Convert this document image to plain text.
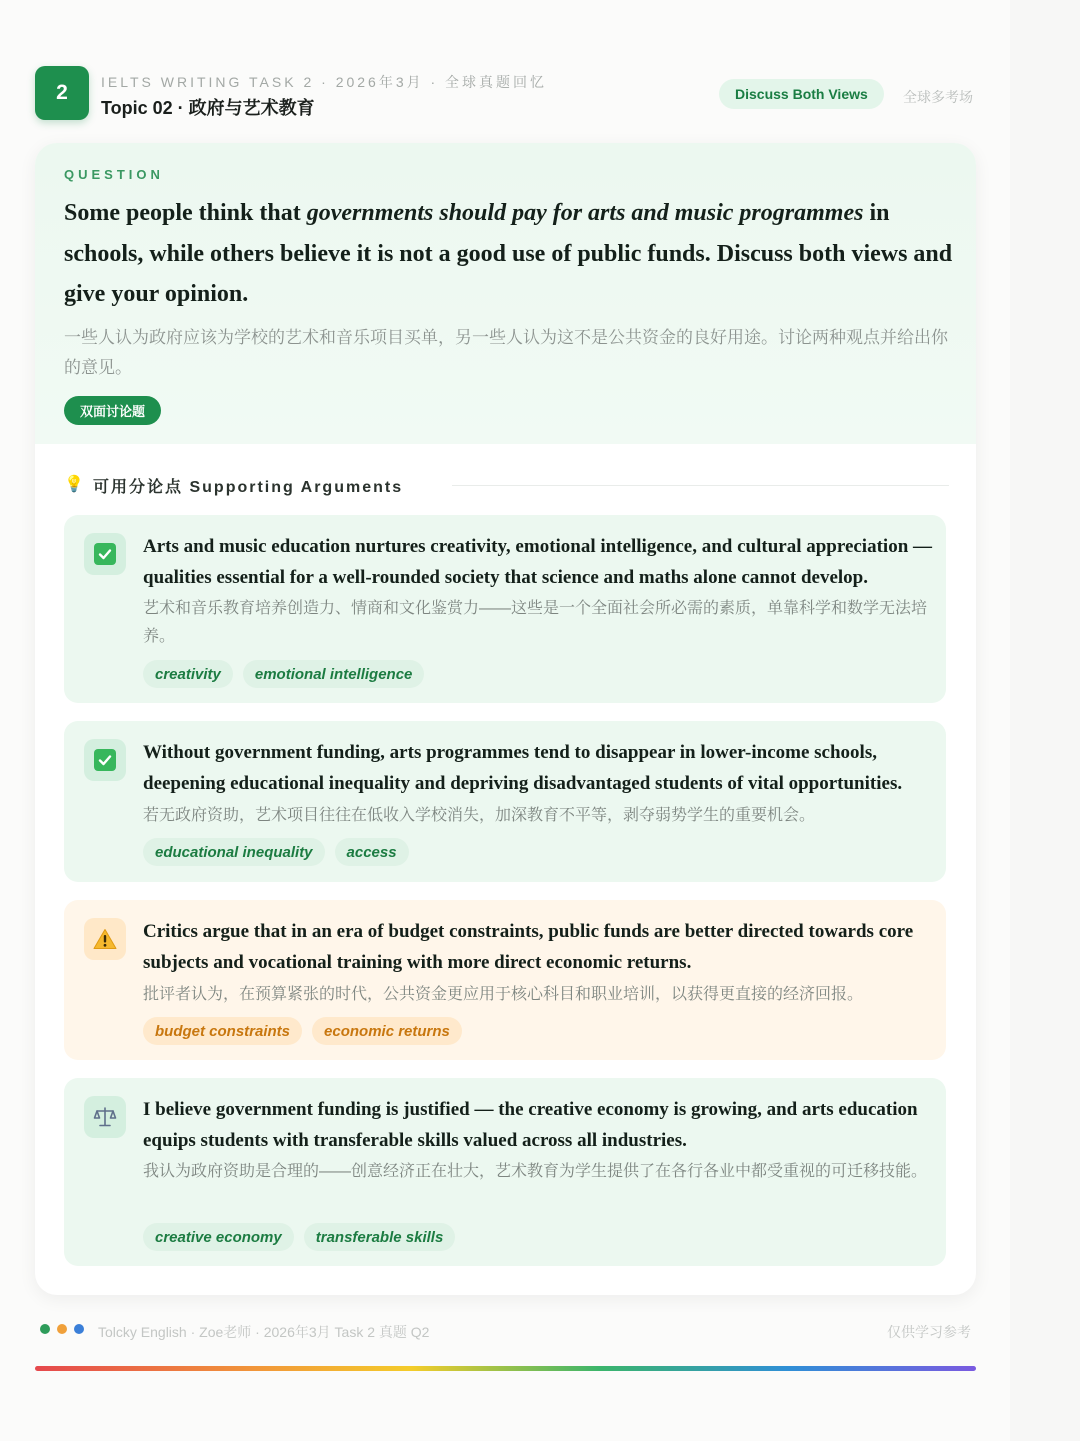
2	IELTS WRITING TASK 2 · 2026年3月 · 全球真题回忆
Topic 02 · 政府与艺术教育
Discuss Both Views	全球多考场
QUESTION
Some people think that governments should pay for arts and music programmes in schools, while others believe it is not a good use of public funds. Discuss both views and give your opinion.
一些人认为政府应该为学校的艺术和音乐项目买单，另一些人认为这不是公共资金的良好用途。讨论两种观点并给出你的意见。
双面讨论题
💡 可用分论点 Supporting Arguments
Arts and music education nurtures creativity, emotional intelligence, and cultural appreciation — qualities essential for a well-rounded society that science and maths alone cannot develop.
艺术和音乐教育培养创造力、情商和文化鉴赏力——这些是一个全面社会所必需的素质，单靠科学和数学无法培养。
creativity	emotional intelligence
Without government funding, arts programmes tend to disappear in lower-income schools, deepening educational inequality and depriving disadvantaged students of vital opportunities.
若无政府资助，艺术项目往往在低收入学校消失，加深教育不平等，剥夺弱势学生的重要机会。
educational inequality	access
Critics argue that in an era of budget constraints, public funds are better directed towards core subjects and vocational training with more direct economic returns.
批评者认为，在预算紧张的时代，公共资金更应用于核心科目和职业培训，以获得更直接的经济回报。
budget constraints	economic returns
I believe government funding is justified — the creative economy is growing, and arts education equips students with transferable skills valued across all industries.
我认为政府资助是合理的——创意经济正在壮大，艺术教育为学生提供了在各行各业中都受重视的可迁移技能。
creative economy	transferable skills
Tolcky English · Zoe老师 · 2026年3月 Task 2 真题 Q2	仅供学习参考
